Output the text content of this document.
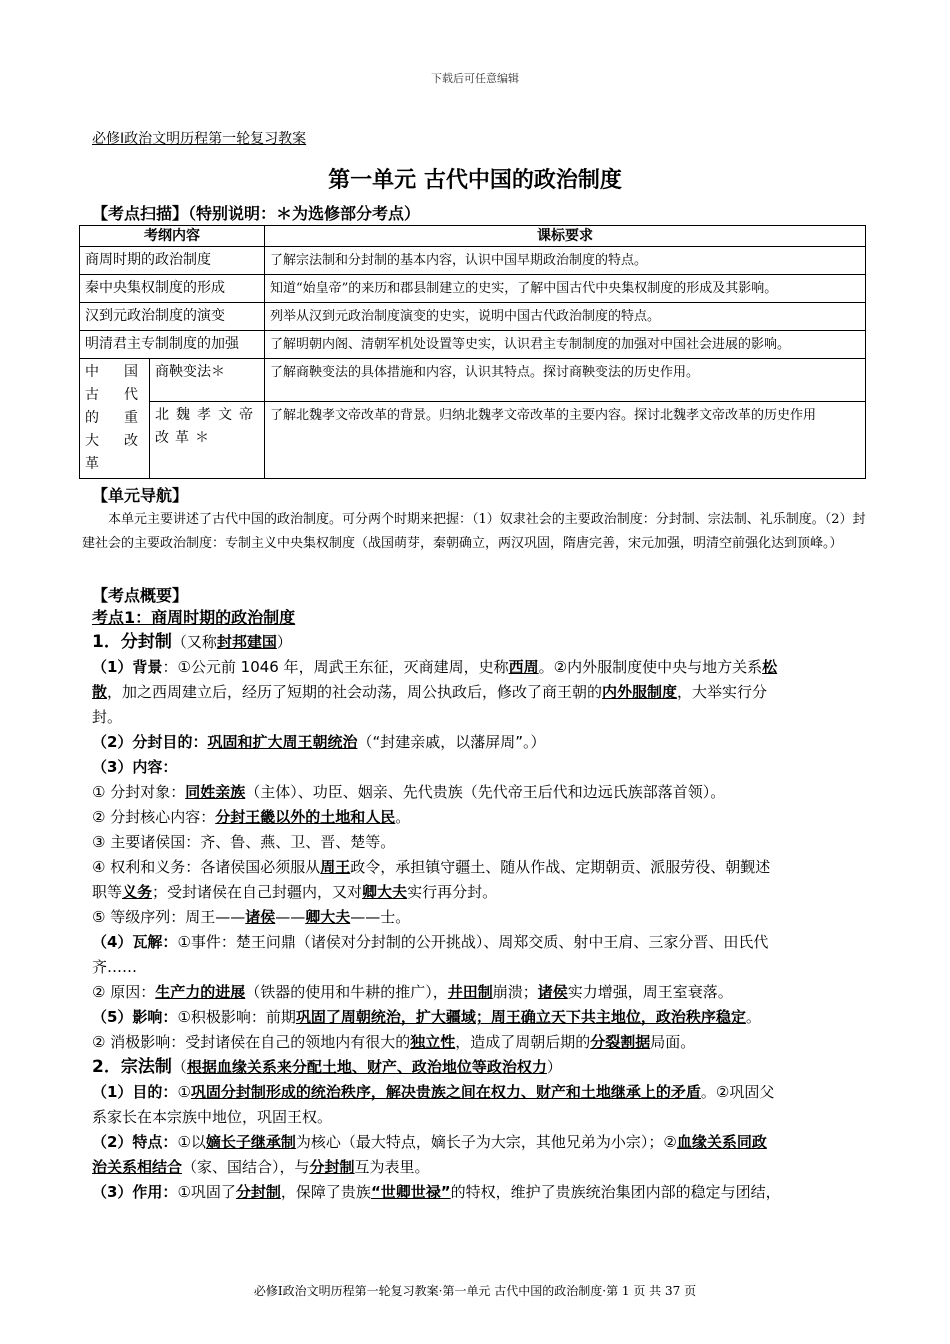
下载后可任意编辑
必修Ⅰ政治文明历程第一轮复习教案
第一单元 古代中国的政治制度
【考点扫描】（特别说明：＊为选修部分考点）
考纲内容		课标要求
商周时期的政治制度		了解宗法制和分封制的基本内容，认识中国早期政治制度的特点。
秦中央集权制度的形成		知道“始皇帝”的来历和郡县制建立的史实，了解中国古代中央集权制度的形成及其影响。
汉到元政治制度的演变		列举从汉到元政治制度演变的史实，说明中国古代政治制度的特点。
明清君主专制制度的加强		了解明朝内阁、清朝军机处设置等史实，认识君主专制制度的加强对中国社会进展的影响。
中国古代的重大改革	商鞅变法＊	了解商鞅变法的具体措施和内容，认识其特点。探讨商鞅变法的历史作用。
	北魏孝文帝改革＊	了解北魏孝文帝改革的背景。归纳北魏孝文帝改革的主要内容。探讨北魏孝文帝改革的历史作用
【单元导航】
本单元主要讲述了古代中国的政治制度。可分两个时期来把握：（1）奴隶社会的主要政治制度：分封制、宗法制、礼乐制度。（2）封建社会的主要政治制度：专制主义中央集权制度（战国萌芽，秦朝确立，两汉巩固，隋唐完善，宋元加强，明清空前强化达到顶峰。）
【考点概要】
考点1：商周时期的政治制度
1．分封制（又称封邦建国）
（1）背景：①公元前 1046 年，周武王东征，灭商建周，史称西周。②内外服制度使中央与地方关系松
散，加之西周建立后，经历了短期的社会动荡，周公执政后，修改了商王朝的内外服制度，大举实行分
封。
（2）分封目的：巩固和扩大周王朝统治（“封建亲戚，以藩屏周”。）
（3）内容：
① 分封对象：同姓亲族（主体）、功臣、姻亲、先代贵族（先代帝王后代和边远氏族部落首领）。
② 分封核心内容：分封王畿以外的土地和人民。
③ 主要诸侯国：齐、鲁、燕、卫、晋、楚等。
④ 权利和义务：各诸侯国必须服从周王政令，承担镇守疆土、随从作战、定期朝贡、派服劳役、朝觐述
职等义务；受封诸侯在自己封疆内，又对卿大夫实行再分封。
⑤ 等级序列：周王——诸侯——卿大夫——士。
（4）瓦解：①事件：楚王问鼎（诸侯对分封制的公开挑战）、周郑交质、射中王肩、三家分晋、田氏代
齐……
② 原因：生产力的进展（铁器的使用和牛耕的推广），井田制崩溃；诸侯实力增强，周王室衰落。
（5）影响：①积极影响：前期巩固了周朝统治，扩大疆域；周王确立天下共主地位，政治秩序稳定。
② 消极影响：受封诸侯在自己的领地内有很大的独立性，造成了周朝后期的分裂割据局面。
2．宗法制（根据血缘关系来分配土地、财产、政治地位等政治权力）
（1）目的：①巩固分封制形成的统治秩序，解决贵族之间在权力、财产和土地继承上的矛盾。②巩固父
系家长在本宗族中地位，巩固王权。
（2）特点：①以嫡长子继承制为核心（最大特点，嫡长子为大宗，其他兄弟为小宗）；②血缘关系同政
治关系相结合（家、国结合），与分封制互为表里。
（3）作用：①巩固了分封制，保障了贵族“世卿世禄”的特权，维护了贵族统治集团内部的稳定与团结，
必修Ⅰ政治文明历程第一轮复习教案·第一单元 古代中国的政治制度·第 1 页 共 37 页
